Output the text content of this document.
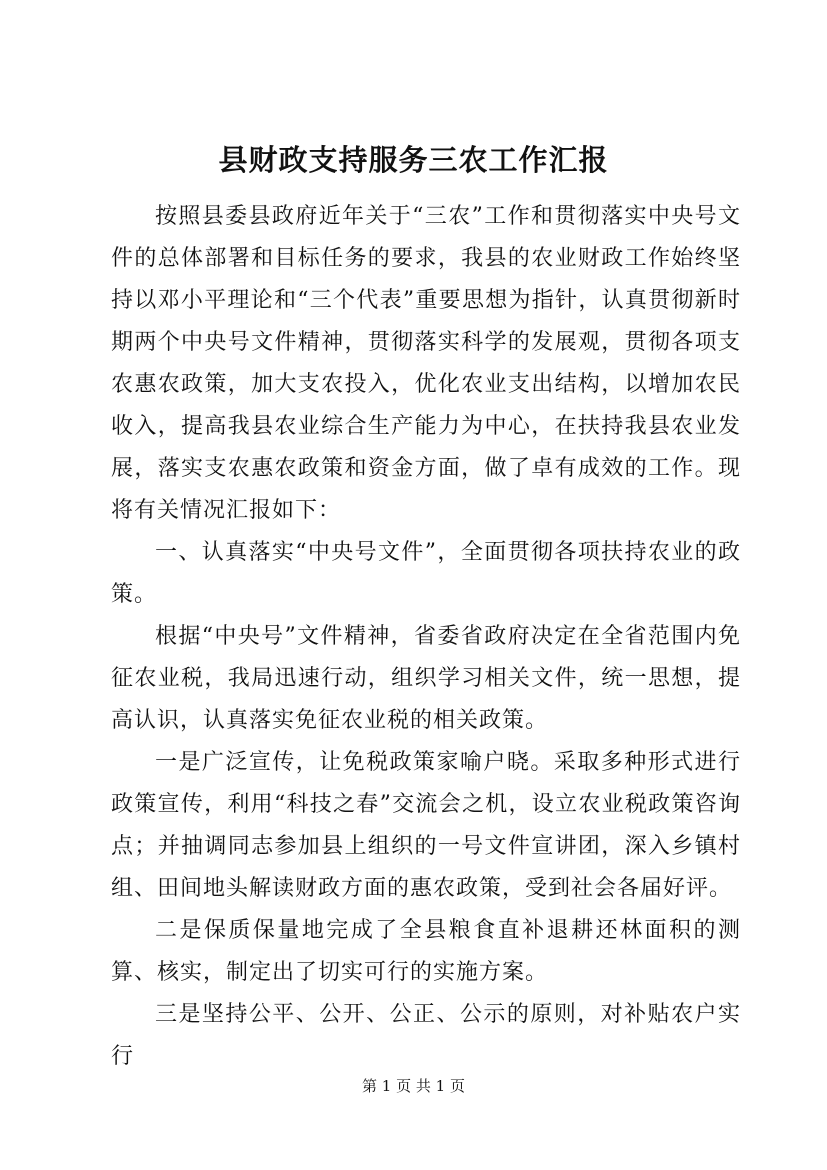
县财政支持服务三农工作汇报

按照县委县政府近年关于“三农”工作和贯彻落实中央号文件的总体部署和目标任务的要求，我县的农业财政工作始终坚持以邓小平理论和“三个代表”重要思想为指针，认真贯彻新时期两个中央号文件精神，贯彻落实科学的发展观，贯彻各项支农惠农政策，加大支农投入，优化农业支出结构，以增加农民收入，提高我县农业综合生产能力为中心，在扶持我县农业发展，落实支农惠农政策和资金方面，做了卓有成效的工作。现将有关情况汇报如下：

一、认真落实“中央号文件”，全面贯彻各项扶持农业的政策。

根据“中央号”文件精神，省委省政府决定在全省范围内免征农业税，我局迅速行动，组织学习相关文件，统一思想，提高认识，认真落实免征农业税的相关政策。

一是广泛宣传，让免税政策家喻户晓。采取多种形式进行政策宣传，利用“科技之春”交流会之机，设立农业税政策咨询点；并抽调同志参加县上组织的一号文件宣讲团，深入乡镇村组、田间地头解读财政方面的惠农政策，受到社会各届好评。

二是保质保量地完成了全县粮食直补退耕还林面积的测算、核实，制定出了切实可行的实施方案。

三是坚持公平、公开、公正、公示的原则，对补贴农户实行

第 1 页 共 1 页
